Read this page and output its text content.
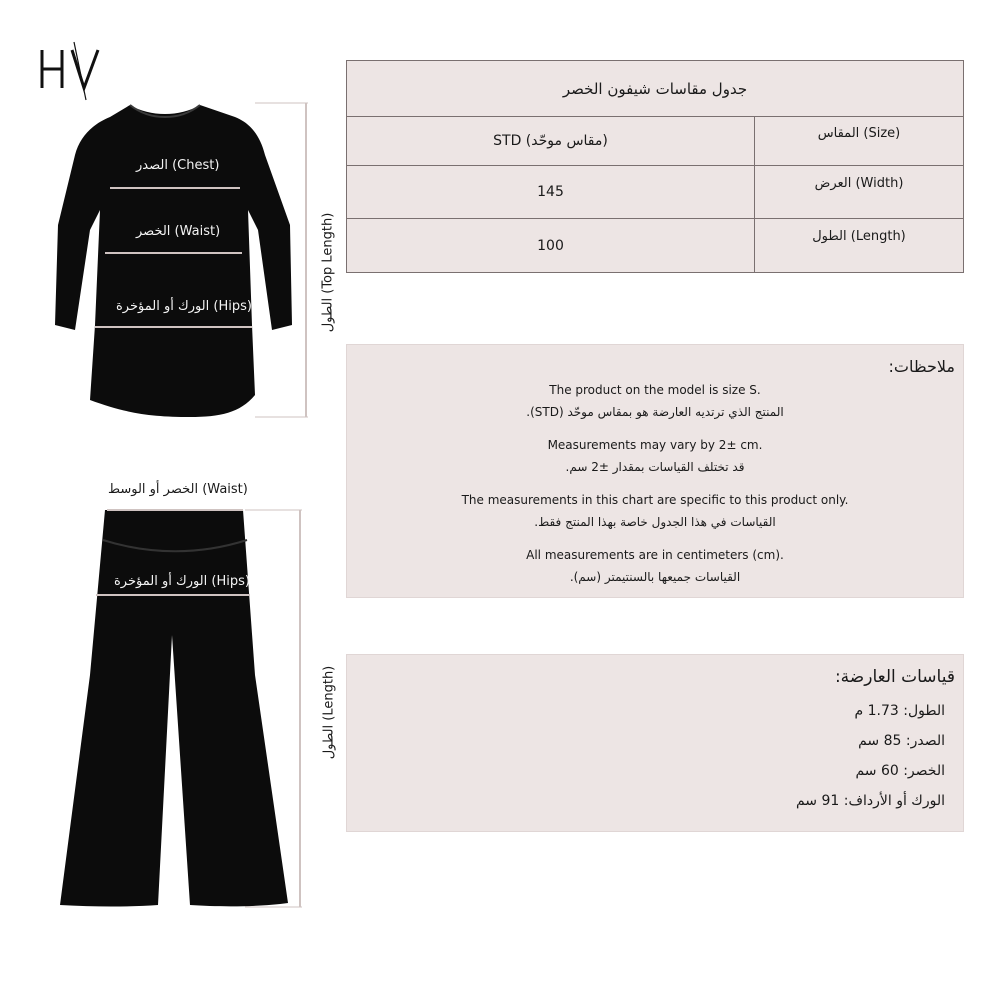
الصدر (Chest)
الخصر (Waist)
الورك أو المؤخرة (Hips)	الطول (Top Length)
الخصر أو الوسط (Waist)
الورك أو المؤخرة (Hips)
الطول (Length)
جدول مقاسات شيفون الخصر
STD (مقاس موحّد)	المقاس (Size)
145
العرض (Width)
100
الطول (Length)
ملاحظات:
The product on the model is size S.
المنتج الذي ترتديه العارضة هو بمقاس موحّد (STD).
Measurements may vary by 2± cm.
قد تختلف القياسات بمقدار ±2 سم.
The measurements in this chart are specific to this product only.
القياسات في هذا الجدول خاصة بهذا المنتج فقط.
All measurements are in centimeters (cm).
القياسات جميعها بالسنتيمتر (سم).
قياسات العارضة:
الطول: 1.73 م
الصدر: 85 سم
الخصر: 60 سم
الورك أو الأرداف: 91 سم
